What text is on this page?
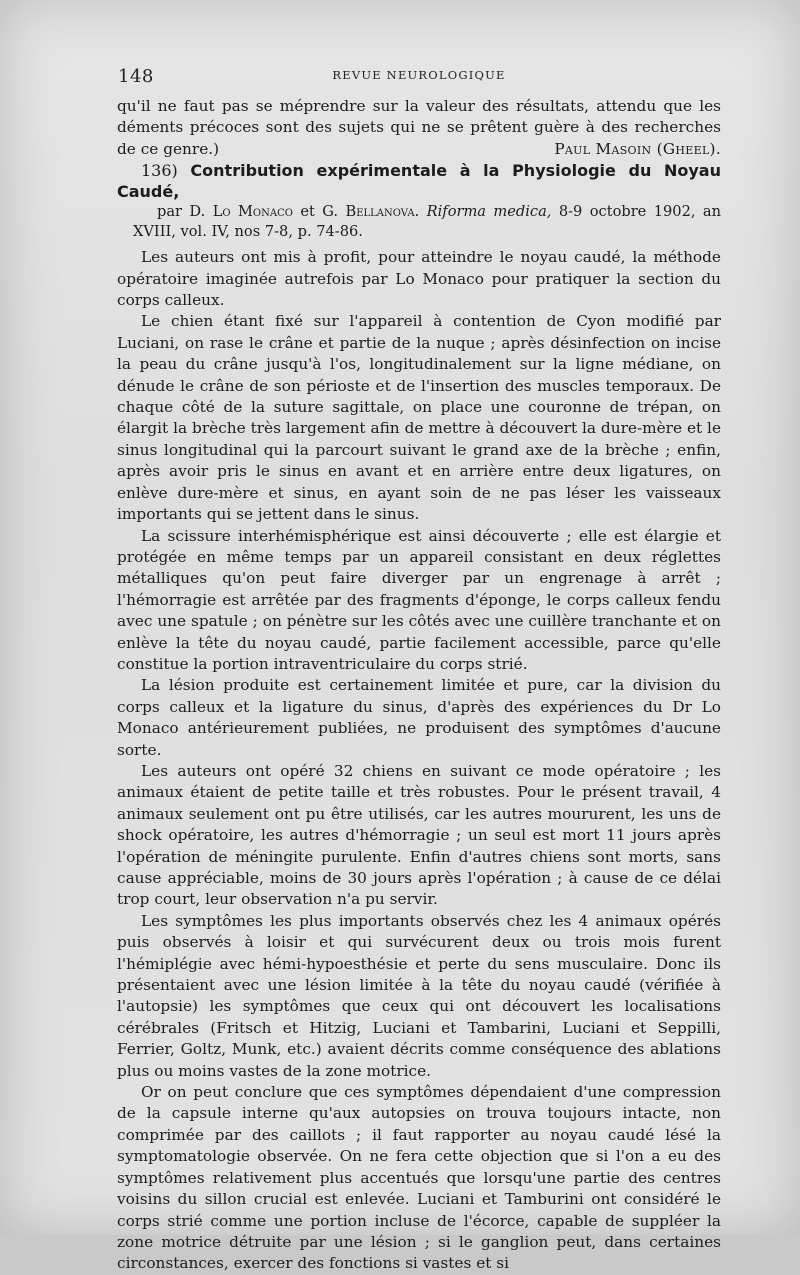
148	REVUE NEUROLOGIQUE

qu'il ne faut pas se méprendre sur la valeur des résultats, attendu que les déments précoces sont des sujets qui ne se prêtent guère à des recherches de ce genre.)	Paul Masoin (Gheel).

136) Contribution expérimentale à la Physiologie du Noyau Caudé,

par D. Lo Monaco et G. Bellanova. Riforma medica, 8-9 octobre 1902, an XVIII, vol. IV, nos 7-8, p. 74-86.

Les auteurs ont mis à profit, pour atteindre le noyau caudé, la méthode opératoire imaginée autrefois par Lo Monaco pour pratiquer la section du corps calleux.

Le chien étant fixé sur l'appareil à contention de Cyon modifié par Luciani, on rase le crâne et partie de la nuque ; après désinfection on incise la peau du crâne jusqu'à l'os, longitudinalement sur la ligne médiane, on dénude le crâne de son périoste et de l'insertion des muscles temporaux. De chaque côté de la suture sagittale, on place une couronne de trépan, on élargit la brèche très largement afin de mettre à découvert la dure-mère et le sinus longitudinal qui la parcourt suivant le grand axe de la brèche ; enfin, après avoir pris le sinus en avant et en arrière entre deux ligatures, on enlève dure-mère et sinus, en ayant soin de ne pas léser les vaisseaux importants qui se jettent dans le sinus.

La scissure interhémisphérique est ainsi découverte ; elle est élargie et protégée en même temps par un appareil consistant en deux réglettes métalliques qu'on peut faire diverger par un engrenage à arrêt ; l'hémorragie est arrêtée par des fragments d'éponge, le corps calleux fendu avec une spatule ; on pénètre sur les côtés avec une cuillère tranchante et on enlève la tête du noyau caudé, partie facilement accessible, parce qu'elle constitue la portion intraventriculaire du corps strié.

La lésion produite est certainement limitée et pure, car la division du corps calleux et la ligature du sinus, d'après des expériences du Dr Lo Monaco antérieurement publiées, ne produisent des symptômes d'aucune sorte.

Les auteurs ont opéré 32 chiens en suivant ce mode opératoire ; les animaux étaient de petite taille et très robustes. Pour le présent travail, 4 animaux seulement ont pu être utilisés, car les autres moururent, les uns de shock opératoire, les autres d'hémorragie ; un seul est mort 11 jours après l'opération de méningite purulente. Enfin d'autres chiens sont morts, sans cause appréciable, moins de 30 jours après l'opération ; à cause de ce délai trop court, leur observation n'a pu servir.

Les symptômes les plus importants observés chez les 4 animaux opérés puis observés à loisir et qui survécurent deux ou trois mois furent l'hémiplégie avec hémi-hypoesthésie et perte du sens musculaire. Donc ils présentaient avec une lésion limitée à la tête du noyau caudé (vérifiée à l'autopsie) les symptômes que ceux qui ont découvert les localisations cérébrales (Fritsch et Hitzig, Luciani et Tambarini, Luciani et Seppilli, Ferrier, Goltz, Munk, etc.) avaient décrits comme conséquence des ablations plus ou moins vastes de la zone motrice.

Or on peut conclure que ces symptômes dépendaient d'une compression de la capsule interne qu'aux autopsies on trouva toujours intacte, non comprimée par des caillots ; il faut rapporter au noyau caudé lésé la symptomatologie observée. On ne fera cette objection que si l'on a eu des symptômes relativement plus accentués que lorsqu'une partie des centres voisins du sillon crucial est enlevée. Luciani et Tamburini ont considéré le corps strié comme une portion incluse de l'écorce, capable de suppléer la zone motrice détruite par une lésion ; si le ganglion peut, dans certaines circonstances, exercer des fonctions si vastes et si
